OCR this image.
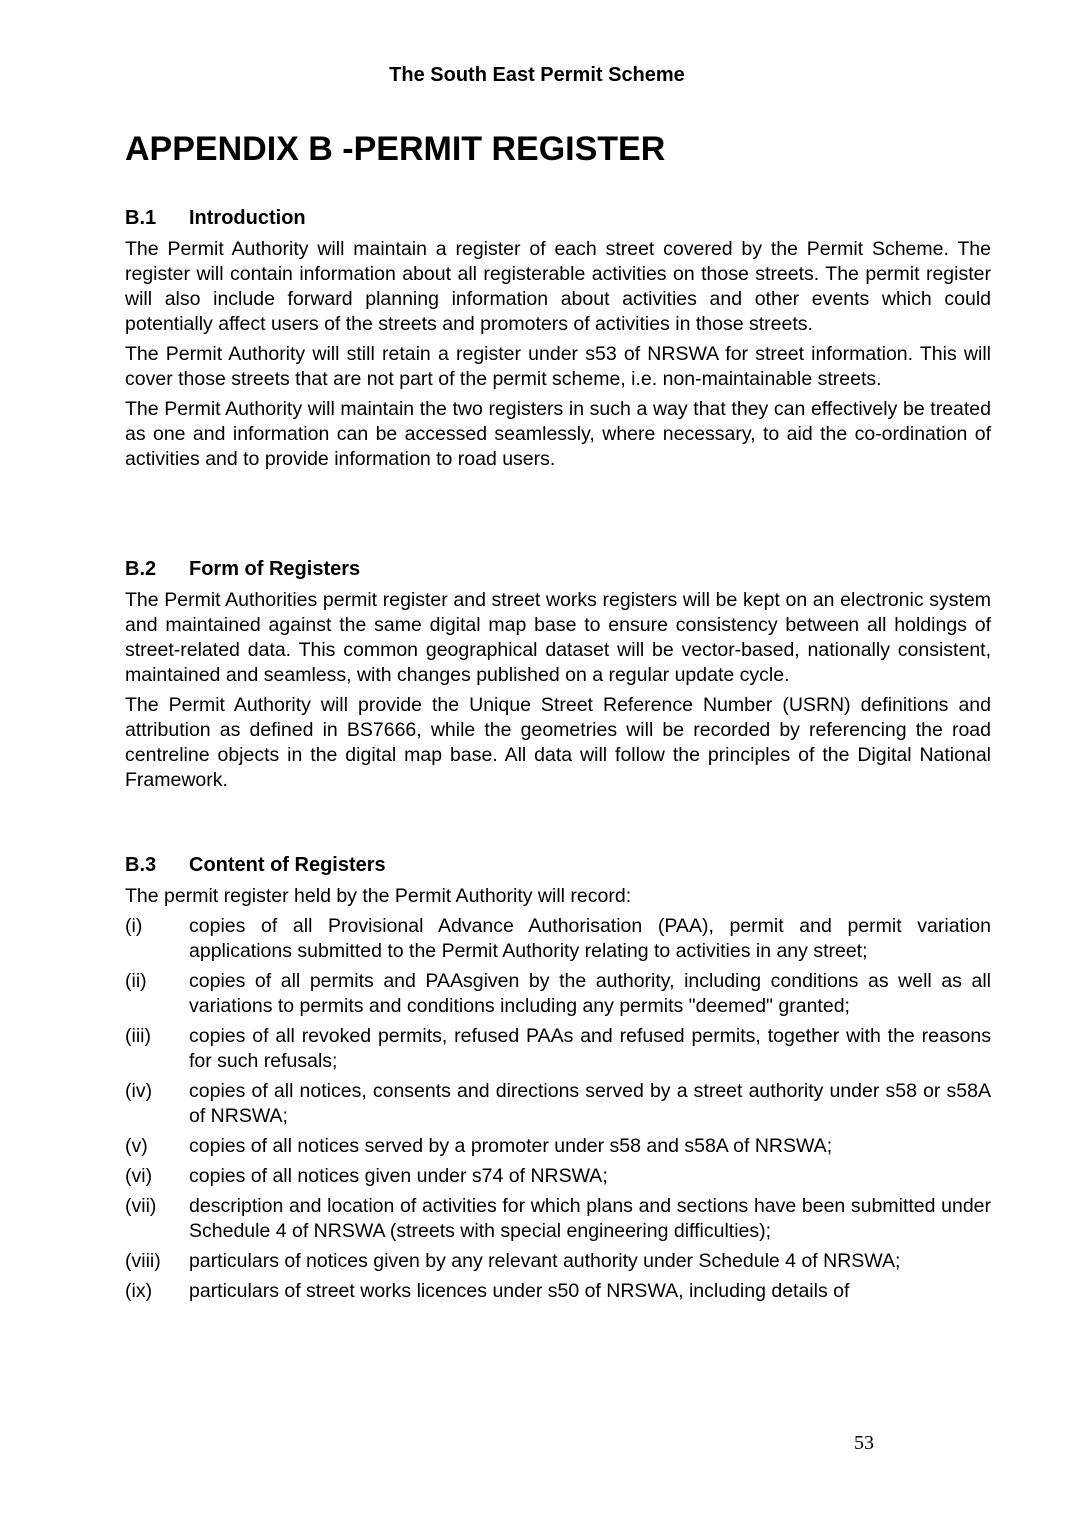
The South East Permit Scheme
APPENDIX B -PERMIT REGISTER
B.1	Introduction

The Permit Authority will maintain a register of each street covered by the Permit Scheme. The register will contain information about all registerable activities on those streets. The permit register will also include forward planning information about activities and other events which could potentially affect users of the streets and promoters of activities in those streets.

The Permit Authority will still retain a register under s53 of NRSWA for street information. This will cover those streets that are not part of the permit scheme, i.e. non-maintainable streets.

The Permit Authority will maintain the two registers in such a way that they can effectively be treated as one and information can be accessed seamlessly, where necessary, to aid the co-ordination of activities and to provide information to road users.

B.2	Form of Registers

The Permit Authorities permit register and street works registers will be kept on an electronic system and maintained against the same digital map base to ensure consistency between all holdings of street-related data. This common geographical dataset will be vector-based, nationally consistent, maintained and seamless, with changes published on a regular update cycle.

The Permit Authority will provide the Unique Street Reference Number (USRN) definitions and attribution as defined in BS7666, while the geometries will be recorded by referencing the road centreline objects in the digital map base. All data will follow the principles of the Digital National Framework.

B.3	Content of Registers

The permit register held by the Permit Authority will record:

(i)	copies of all Provisional Advance Authorisation (PAA), permit and permit variation applications submitted to the Permit Authority relating to activities in any street;
(ii)	copies of all permits and PAAsgiven by the authority, including conditions as well as all variations to permits and conditions including any permits "deemed" granted;
(iii)	copies of all revoked permits, refused PAAs and refused permits, together with the reasons for such refusals;
(iv)	copies of all notices, consents and directions served by a street authority under s58 or s58A of NRSWA;
(v)	copies of all notices served by a promoter under s58 and s58A of NRSWA;
(vi)	copies of all notices given under s74 of NRSWA;
(vii)	description and location of activities for which plans and sections have been submitted under Schedule 4 of NRSWA (streets with special engineering difficulties);
(viii)	particulars of notices given by any relevant authority under Schedule 4 of NRSWA;
(ix)	particulars of street works licences under s50 of NRSWA, including details of
53
